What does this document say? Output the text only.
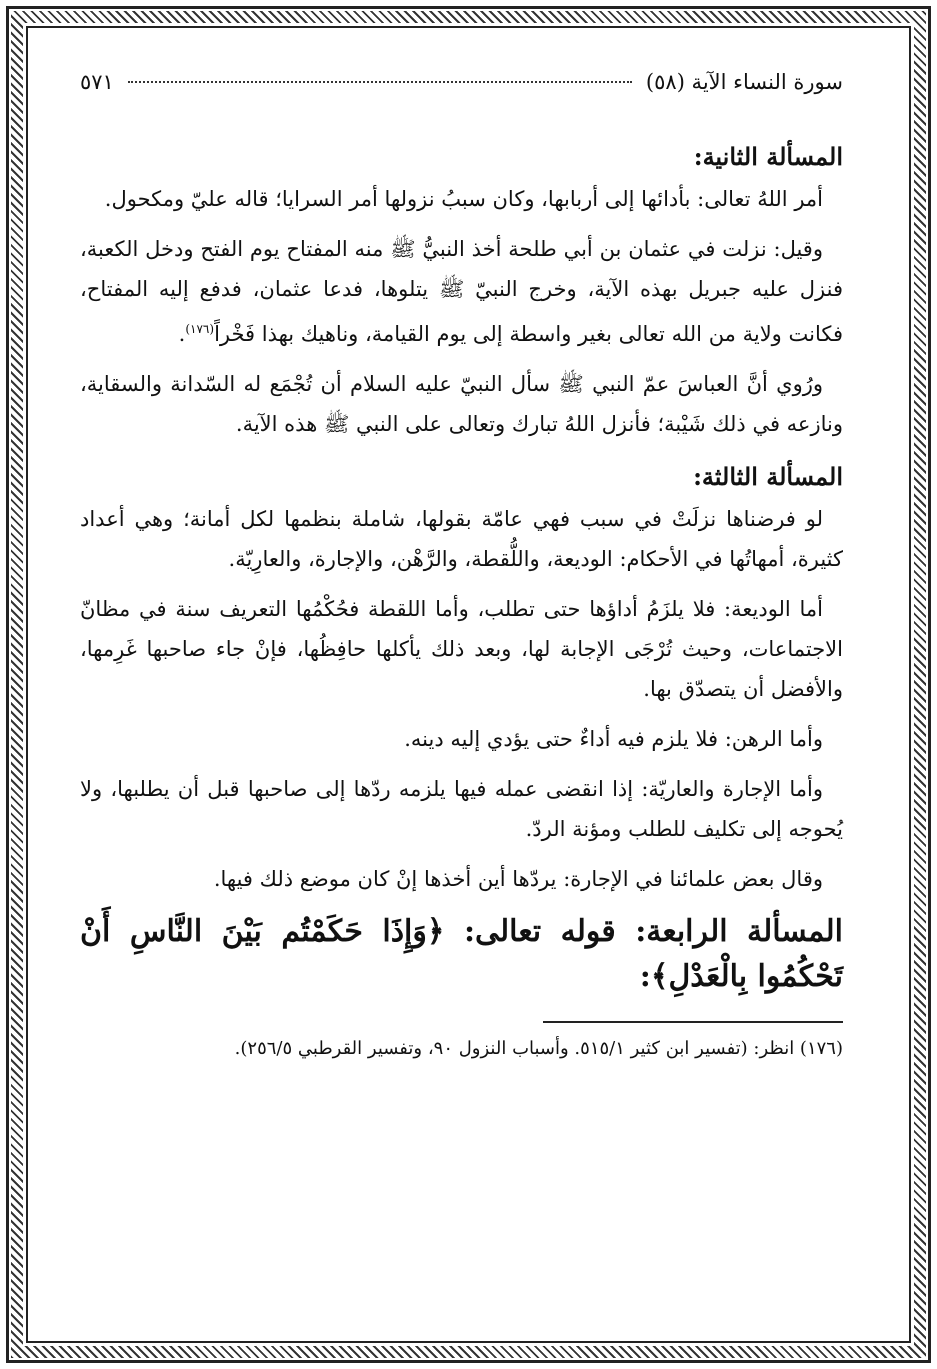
سورة النساء الآية (٥٨)
٥٧١
المسألة الثانية:

أمر اللهُ تعالى: بأدائها إلى أربابها، وكان سببُ نزولها أمر السرايا؛ قاله عليّ ومكحول.

وقيل: نزلت في عثمان بن أبي طلحة أخذ النبيُّ ﷺ منه المفتاح يوم الفتح ودخل الكعبة، فنزل عليه جبريل بهذه الآية، وخرج النبيّ ﷺ يتلوها، فدعا عثمان، فدفع إليه المفتاح، فكانت ولاية من الله تعالى بغير واسطة إلى يوم القيامة، وناهيك بهذا فَخْراً$^{(١٧٦)}$.

ورُوي أنَّ العباسَ عمّ النبي ﷺ سأل النبيّ عليه السلام أن تُجْمَع له السّدانة والسقاية، ونازعه في ذلك شَيْبة؛ فأنزل اللهُ تبارك وتعالى على النبي ﷺ هذه الآية.

المسألة الثالثة:

لو فرضناها نزلَتْ في سبب فهي عامّة بقولها، شاملة بنظمها لكل أمانة؛ وهي أعداد كثيرة، أمهاتُها في الأحكام: الوديعة، واللُّقطة، والرَّهْن، والإجارة، والعارِيّة.

أما الوديعة: فلا يلزَمُ أداؤها حتى تطلب، وأما اللقطة فحُكْمُها التعريف سنة في مظانّ الاجتماعات، وحيث تُرْجَى الإجابة لها، وبعد ذلك يأكلها حافِظُها، فإنْ جاء صاحبها غَرِمها، والأفضل أن يتصدّق بها.

وأما الرهن: فلا يلزم فيه أداءٌ حتى يؤدي إليه دينه.

وأما الإجارة والعاريّة: إذا انقضى عمله فيها يلزمه ردّها إلى صاحبها قبل أن يطلبها، ولا يُحوجه إلى تكليف للطلب ومؤنة الردّ.

وقال بعض علمائنا في الإجارة: يردّها أين أخذها إنْ كان موضع ذلك فيها.

المسألة الرابعة: قوله تعالى: ﴿وَإِذَا حَكَمْتُم بَيْنَ النَّاسِ أَنْ تَحْكُمُوا بِالْعَدْلِ﴾:
(١٧٦) انظر: (تفسير ابن كثير ٥١٥/١. وأسباب النزول ٩٠، وتفسير القرطبي ٢٥٦/٥).
